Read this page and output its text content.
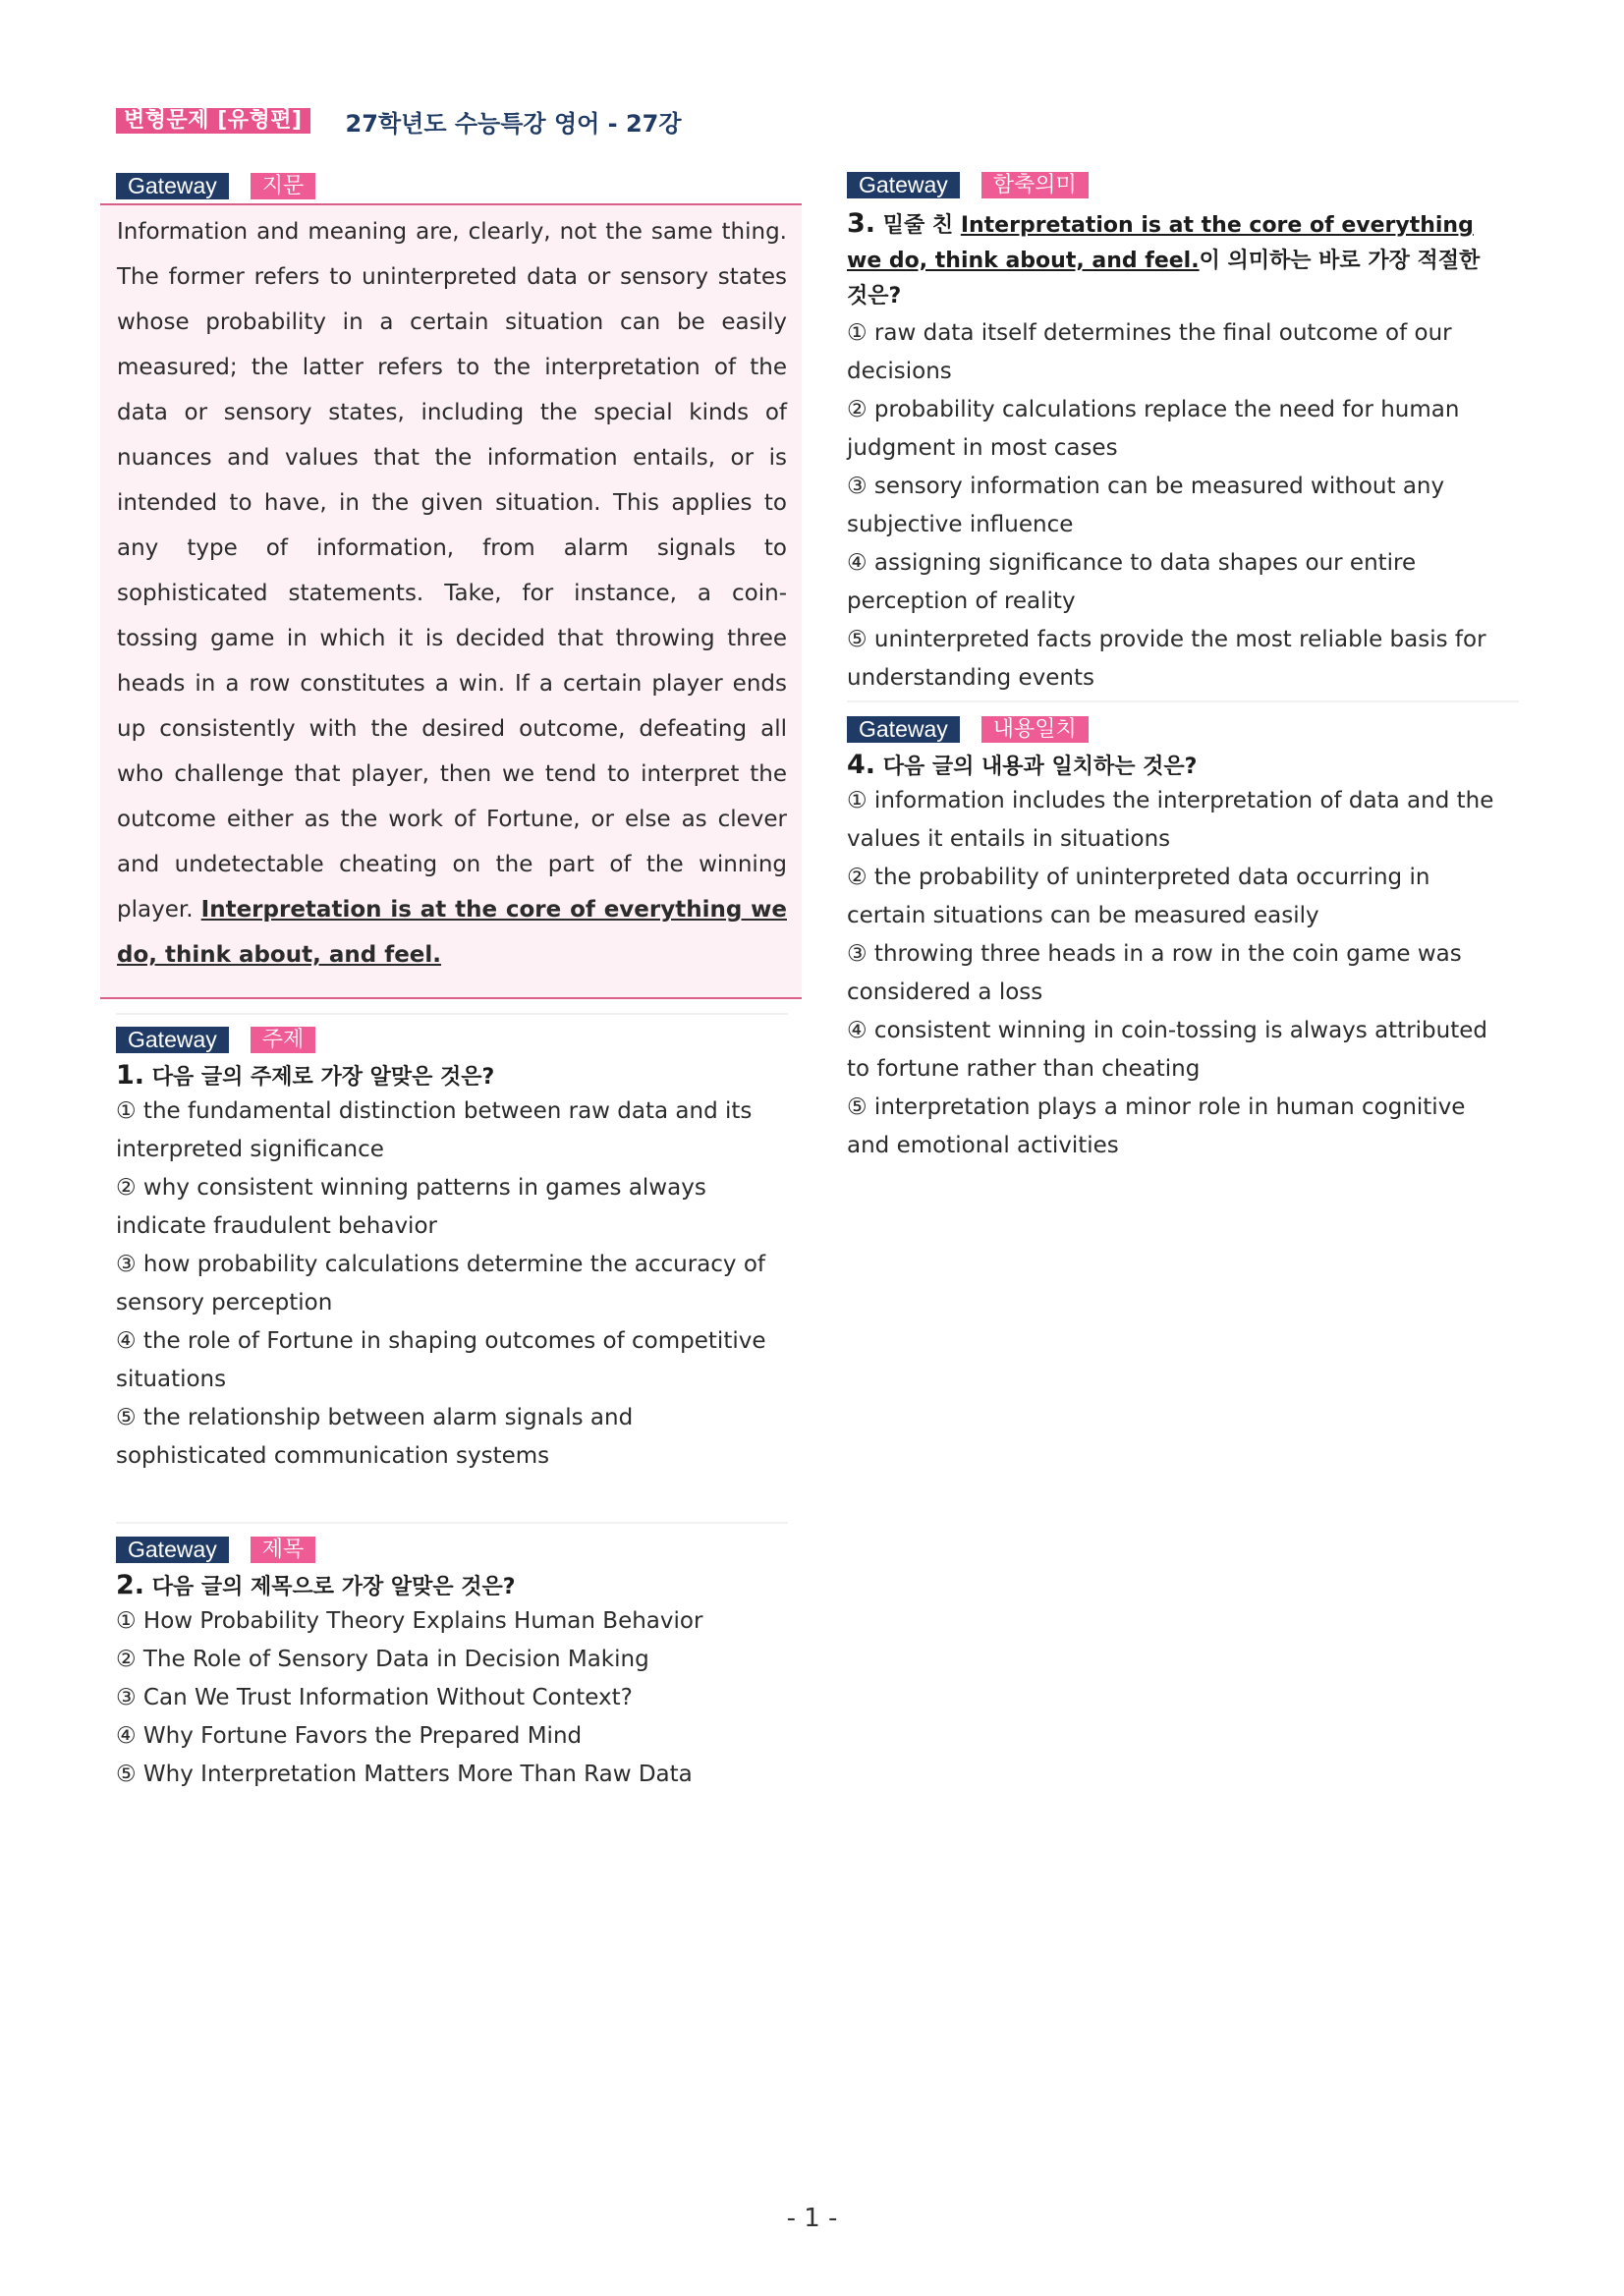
변형문제 [유형편]	27학년도 수능특강 영어 - 27강
Gateway	지문
Information and meaning are, clearly, not the same thing. The former refers to uninterpreted data or sensory states whose probability in a certain situation can be easily measured; the latter refers to the interpretation of the data or sensory states, including the special kinds of nuances and values that the information entails, or is intended to have, in the given situation. This applies to any type of information, from alarm signals to sophisticated statements. Take, for instance, a coin-tossing game in which it is decided that throwing three heads in a row constitutes a win. If a certain player ends up consistently with the desired outcome, defeating all who challenge that player, then we tend to interpret the outcome either as the work of Fortune, or else as clever and undetectable cheating on the part of the winning player. Interpretation is at the core of everything we do, think about, and feel.
Gateway	주제
1. 다음 글의 주제로 가장 알맞은 것은?
① the fundamental distinction between raw data and its interpreted significance
② why consistent winning patterns in games always indicate fraudulent behavior
③ how probability calculations determine the accuracy of sensory perception
④ the role of Fortune in shaping outcomes of competitive situations
⑤ the relationship between alarm signals and sophisticated communication systems
Gateway	제목
2. 다음 글의 제목으로 가장 알맞은 것은?
① How Probability Theory Explains Human Behavior
② The Role of Sensory Data in Decision Making
③ Can We Trust Information Without Context?
④ Why Fortune Favors the Prepared Mind
⑤ Why Interpretation Matters More Than Raw Data
Gateway	함축의미
3. 밑줄 친 Interpretation is at the core of everything we do, think about, and feel.이 의미하는 바로 가장 적절한 것은?
① raw data itself determines the final outcome of our decisions
② probability calculations replace the need for human judgment in most cases
③ sensory information can be measured without any subjective influence
④ assigning significance to data shapes our entire perception of reality
⑤ uninterpreted facts provide the most reliable basis for understanding events
Gateway	내용일치
4. 다음 글의 내용과 일치하는 것은?
① information includes the interpretation of data and the values it entails in situations
② the probability of uninterpreted data occurring in certain situations can be measured easily
③ throwing three heads in a row in the coin game was considered a loss
④ consistent winning in coin-tossing is always attributed to fortune rather than cheating
⑤ interpretation plays a minor role in human cognitive and emotional activities
- 1 -
